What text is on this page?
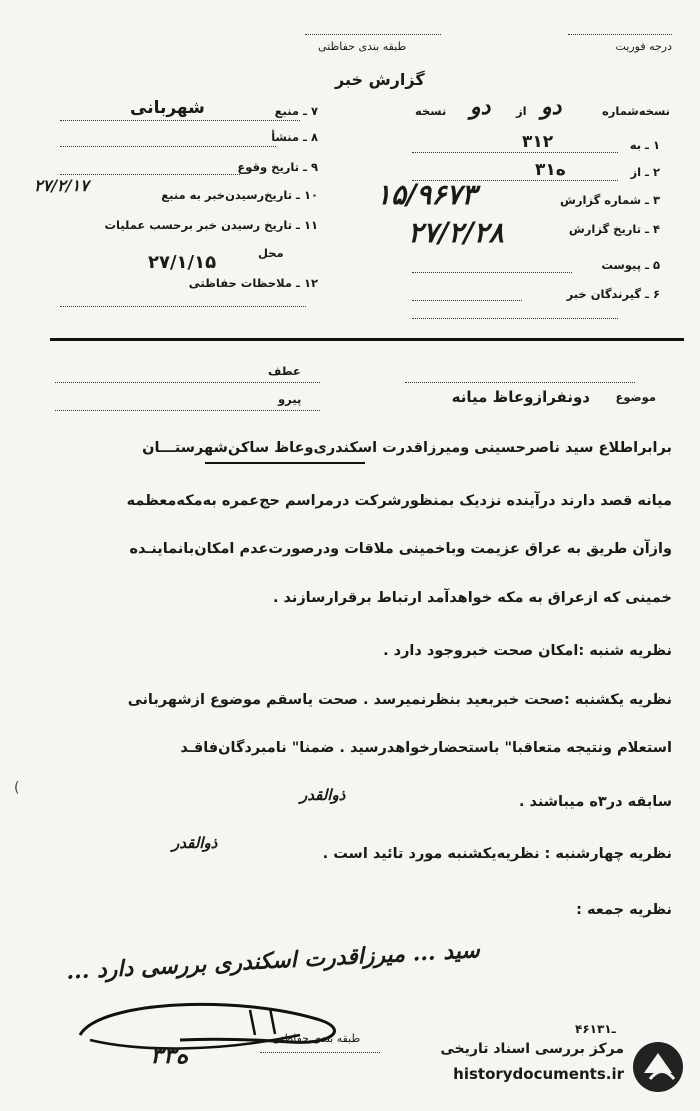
درجه فوریت
طبقه بندی حفاظتی
گزارش خبر
نسخه‌شماره
دو
از
دو
نسخه
۱ ـ به
۳۱۲
۲ ـ از
۳ه۱
۳ ـ شماره گزارش
۱۵/۹۶۷۳
۴ ـ تاریخ گزارش
۲۷/۲/۲۸
۵ ـ پیوست
۶ ـ گیرندگان خبر
۷ ـ منبع
شهربانی
۸ ـ منشأ
۹ ـ تاریخ وقوع
۱۰ ـ تاریخ‌رسیدن‌خبر به منبع
۲۷/۲/۱۷
۱۱ ـ تاریخ رسیدن خبر برحسب عملیات
محل
۲۷/۱/۱۵
۱۲ ـ ملاحظات حفاظتی
عطف
پیرو	موضوع
دونفرازوعاظ میانه
برابراطلاع سید ناصرحسینی ومیرزاقدرت اسکندری‌وعاظ ساکن‌شهرستـــان
میانه قصد دارند درآینده نزدیک بمنظورشرکت درمراسم حج‌عمره به‌مکه‌معظمه
وازآن طریق به عراق عزیمت وباخمینی ملاقات ودرصورت‌عدم امکان‌بانماینـده
خمینی که ازعراق به مکه خواهدآمد ارتباط برقرارسازند .
نظریه شنبه :امکان صحت خبروجود دارد .
نظریه یکشنبه :صحت خبربعید بنظرنمیرسد . صحت یاسقم موضوع ازشهربانی
استعلام ونتیجه متعاقبا" باستحضارخواهدرسید . ضمنا" نامبردگان‌فاقـد
سابقه در۳ه میباشند .
ذوالقدر
نظریه چهارشنبه : نظریه‌یکشنبه مورد تائید است .
ذوالقدر
نظریه جمعه :
سید ... میرزاقدرت اسکندری بررسی دارد ...
۳ه۳
طبقه بندی حفاظتی
۴۶ـ۱۳۱
مرکز بررسی اسناد تاریخی
historydocuments.ir
(
